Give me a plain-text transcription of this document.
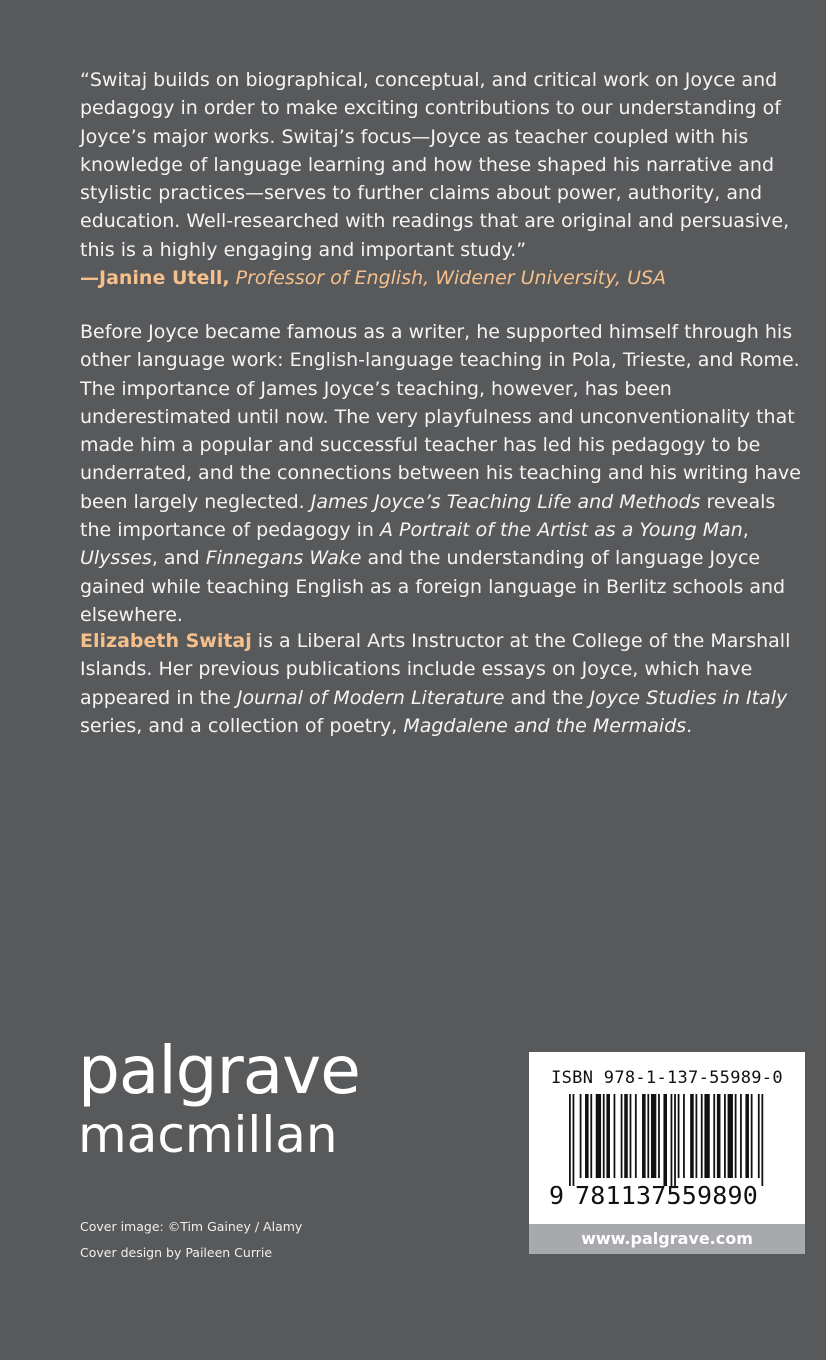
“Switaj builds on biographical, conceptual, and critical work on Joyce and pedagogy in order to make exciting contributions to our understanding of Joyce’s major works. Switaj’s focus—Joyce as teacher coupled with his knowledge of language learning and how these shaped his narrative and stylistic practices—serves to further claims about power, authority, and education. Well-researched with readings that are original and persuasive, this is a highly engaging and important study.”

—Janine Utell, Professor of English, Widener University, USA

Before Joyce became famous as a writer, he supported himself through his other language work: English-language teaching in Pola, Trieste, and Rome. The importance of James Joyce’s teaching, however, has been underestimated until now. The very playfulness and unconventionality that made him a popular and successful teacher has led his pedagogy to be underrated, and the connections between his teaching and his writing have been largely neglected. James Joyce’s Teaching Life and Methods reveals the importance of pedagogy in A Portrait of the Artist as a Young Man, Ulysses, and Finnegans Wake and the understanding of language Joyce gained while teaching English as a foreign language in Berlitz schools and elsewhere.

Elizabeth Switaj is a Liberal Arts Instructor at the College of the Marshall Islands. Her previous publications include essays on Joyce, which have appeared in the Journal of Modern Literature and the Joyce Studies in Italy series, and a collection of poetry, Magdalene and the Mermaids.

palgrave
macmillan
Cover image: ©Tim Gainey / Alamy
Cover design by Paileen Currie
ISBN 978-1-137-55989-0
9 781137559890
www.palgrave.com
